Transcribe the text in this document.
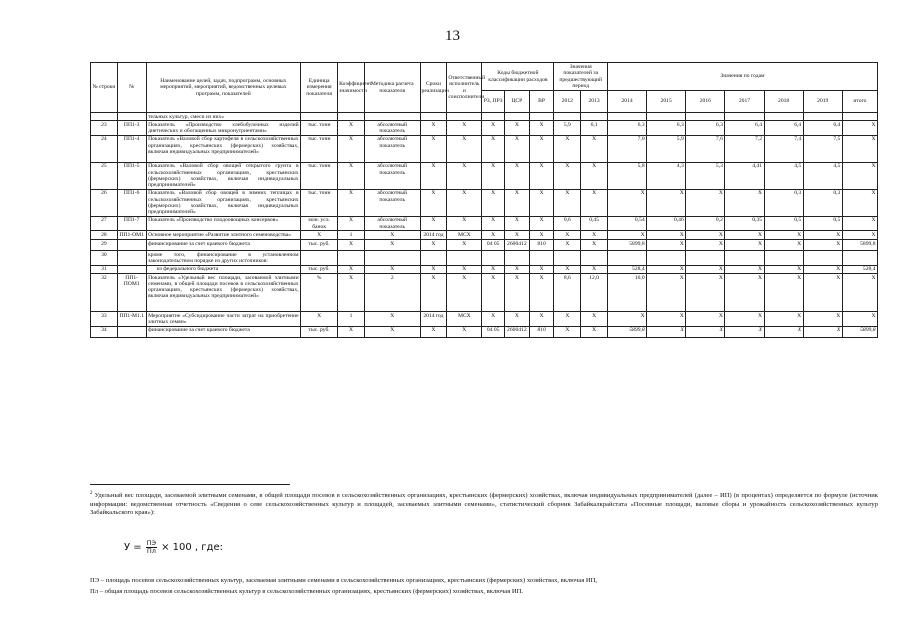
13
№ строки	№	Наименование целей, задач, подпрограмм, основных мероприятий, мероприятий, ведомственных целевых программ, показателей	Единица измерения показателя	Коэффициент значимости	Методика расчета показателя	Сроки реализации	Ответственный исполнитель и соисполнители	Коды бюджетной классификации расходов			Значения показателей за предшествующий период		Значения по годам						
								РЗ, ПРЗ	ЦСР	ВР	2012	2013	2014	2015	2016	2017	2018	2019	итого
		тельных культур, смеси из них»																	
23	ПП1-3	Показатель «Производство хлебобулочных изделий диетических и обогащенных микронутриентами»	тыс. тонн	Х	абсолютный показатель	Х	Х	Х	Х	Х	5,9	6,1	6,3	6,3	6,3	6,4	6,4	6,4	Х
24	ПП1-4	Показатель «Валовой сбор картофеля в сельскохозяйственных организациях, крестьянских (фермерских) хозяйствах, включая индивидуальных предпринимателей»	тыс. тонн	Х	абсолютный показатель	Х	Х	Х	Х	Х	Х	Х	7,0	5,9	7,6	7,2	7,4	7,5	Х
25	ПП1-5	Показатель «Валовой сбор овощей открытого грунта в сельскохозяйственных организациях, крестьянских (фермерских) хозяйствах, включая индивидуальных предпринимателей»	тыс. тонн	Х	абсолютный показатель	Х	Х	Х	Х	Х	Х	Х	5,8	4,3	5,3	4,41	4,5	4,5	Х
26	ПП1-6	Показатель «Валовой сбор овощей в зимних теплицах в сельскохозяйственных организациях, крестьянских (фермерских) хозяйствах, включая индивидуальных предпринимателей»	тыс. тонн	Х	абсолютный показатель	Х	Х	Х	Х	Х	Х	Х	Х	Х	Х	Х	0,3	0,3	Х
27	ПП1-7	Показатель «Производство плодоовощных консервов»	млн. усл. банок	Х	абсолютный показатель	Х	Х	Х	Х	Х	0,6	0,45	0,54	0,46	0,2	0,35	0,5	0,5	Х
28	ПП1-ОМ1	Основное мероприятие «Развитие элитного семеноводства»	Х	1	Х	2014 год	МСХ	Х	Х	Х	Х	Х	Х	Х	Х	Х	Х	Х	Х
29		финансирование за счет краевого бюджета	тыс. руб.	Х	Х	Х	Х	04 05	2600412	810	Х	Х	5899,8	Х	Х	Х	Х	Х	5899,8
30		кроме того, финансирование в установленном законодательством порядке из других источников:																	
31		из федерального бюджета	тыс. руб.	Х	Х	Х	Х	Х	Х	Х	Х	Х	528,4	Х	Х	Х	Х	Х	528,4
32	ПП1-ПОМ1	Показатель «Удельный вес площади, засеваемой элитными семенами, в общей площади посевов в сельскохозяйственных организациях, крестьянских (фермерских) хозяйствах, включая индивидуальных предпринимателей»	%	Х	2	Х	Х	Х	Х	Х	8,6	12,0	10,0	Х	Х	Х	Х	Х	Х
33	ПП1-М1.1	Мероприятие «Субсидирование части затрат на приобретение элитных семян»	Х	1	Х	2014 год	МСХ	Х	Х	Х	Х	Х	Х	Х	Х	Х	Х	Х	Х
34		финансирование за счет краевого бюджета	тыс. руб.	Х	Х	Х	Х	04 05	2600412	810	Х	Х	5899,8	Х	Х	Х	Х	Х	5899,8
$^2$ Удельный вес площади, засеваемой элитными семенами, в общей площади посевов в сельскохозяйственных организациях, крестьянских (фермерских) хозяйствах, включая индивидуальных предпринимателей (далее – ИП) (в процентах) определяется по формуле (источник информации: ведомственная отчетность «Сведения о севе сельскохозяйственных культур и площадей, засеваемых элитными семенами», статистический сборник Забайкалкрайстата «Посевные площади, валовые сборы и урожайность сельскохозяйственных культур Забайкальского края»):
$У = \frac{ПЭ}{Пл} \times 100$ , где:
ПЭ – площадь посевов сельскохозяйственных культур, засеваемая элитными семенами в сельскохозяйственных организациях, крестьянских (фермерских) хозяйствах, включая ИП,
Пл – общая площадь посевов сельскохозяйственных культур в сельскохозяйственных организациях, крестьянских (фермерских) хозяйствах, включая ИП.
